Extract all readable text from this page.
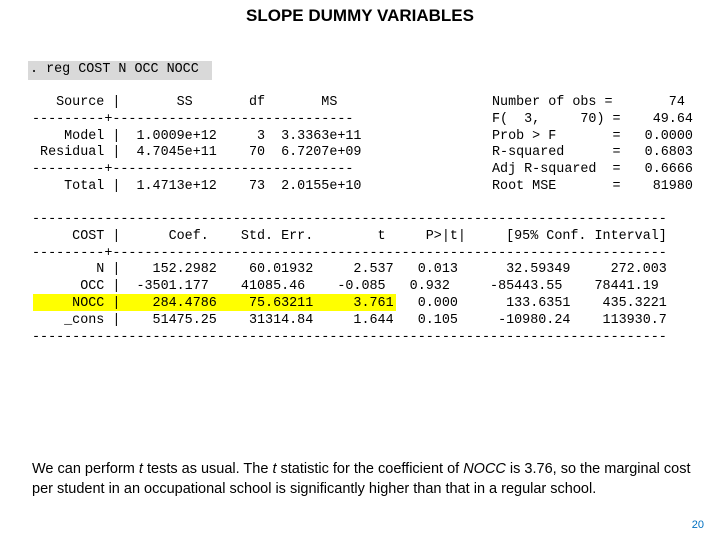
SLOPE DUMMY VARIABLES
. reg COST N OCC NOCC
Source |       SS       df       MS
---------+------------------------------
Model |  1.0009e+12     3  3.3363e+11
Residual |  4.7045e+11    70  6.7207e+09
---------+------------------------------
Total |  1.4713e+12    73  2.0155e+10
Number of obs =       74
F(  3,     70) =    49.64
Prob > F       =   0.0000
R-squared      =   0.6803
Adj R-squared  =   0.6666
Root MSE       =    81980
-------------------------------------------------------------------------------
COST |      Coef.    Std. Err.        t     P>|t|     [95% Conf. Interval]
---------+---------------------------------------------------------------------
N |    152.2982    60.01932     2.537   0.013      32.59349     272.003
OCC |  -3501.177    41085.46    -0.085   0.932     -85443.55    78441.19
NOCC |    284.4786    75.63211     3.761   0.000      133.6351    435.3221
_cons |    51475.25    31314.84     1.644   0.105     -10980.24    113930.7
-------------------------------------------------------------------------------
We can perform t tests as usual. The t statistic for the coefficient of NOCC is 3.76, so the marginal cost per student in an occupational school is significantly higher than that in a regular school.
20
